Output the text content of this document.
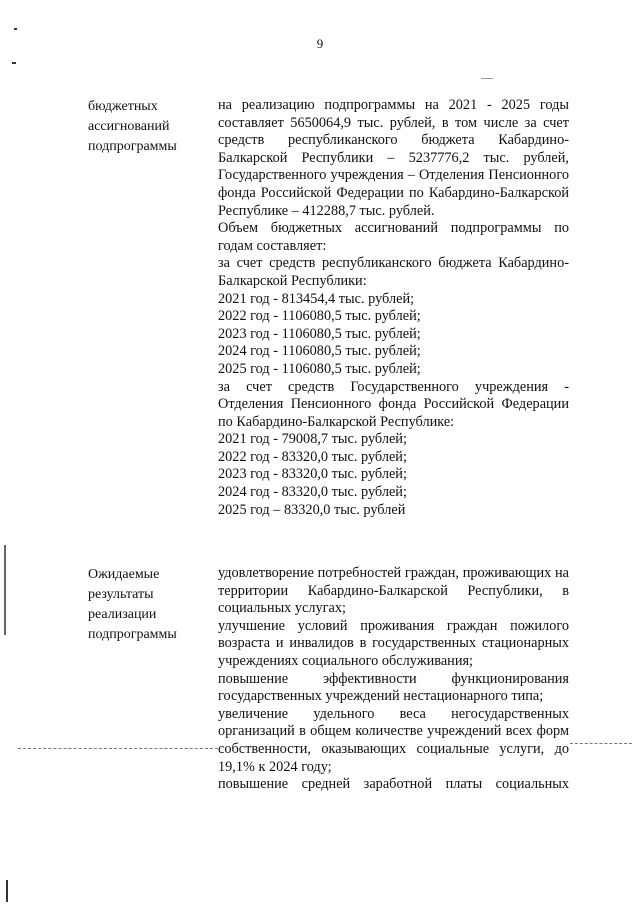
9
бюджетных
ассигнований
подпрограммы
на реализацию подпрограммы на 2021 - 2025 годы составляет 5650064,9 тыс. рублей, в том числе за счет средств республиканского бюджета Кабардино-Балкарской Республики – 5237776,2 тыс. рублей, Государственного учреждения – Отделения Пенсионного фонда Российской Федерации по Кабардино-Балкарской Республике – 412288,7 тыс. рублей.
Объем бюджетных ассигнований подпрограммы по годам составляет:
за счет средств республиканского бюджета Кабардино-Балкарской Республики:
2021 год - 813454,4 тыс. рублей;
2022 год - 1106080,5 тыс. рублей;
2023 год - 1106080,5 тыс. рублей;
2024 год - 1106080,5 тыс. рублей;
2025 год - 1106080,5 тыс. рублей;
за счет средств Государственного учреждения - Отделения Пенсионного фонда Российской Федерации по Кабардино-Балкарской Республике:
2021 год - 79008,7 тыс. рублей;
2022 год - 83320,0 тыс. рублей;
2023 год - 83320,0 тыс. рублей;
2024 год - 83320,0 тыс. рублей;
2025 год – 83320,0 тыс. рублей
Ожидаемые
результаты
реализации
подпрограммы
удовлетворение потребностей граждан, проживающих на территории Кабардино-Балкарской Республики, в социальных услугах;
улучшение условий проживания граждан пожилого возраста и инвалидов в государственных стационарных учреждениях социального обслуживания;
повышение эффективности функционирования государственных учреждений нестационарного типа;
увеличение удельного веса негосударственных организаций в общем количестве учреждений всех форм собственности, оказывающих социальные услуги, до 19,1% к 2024 году;
повышение средней заработной платы социальных
